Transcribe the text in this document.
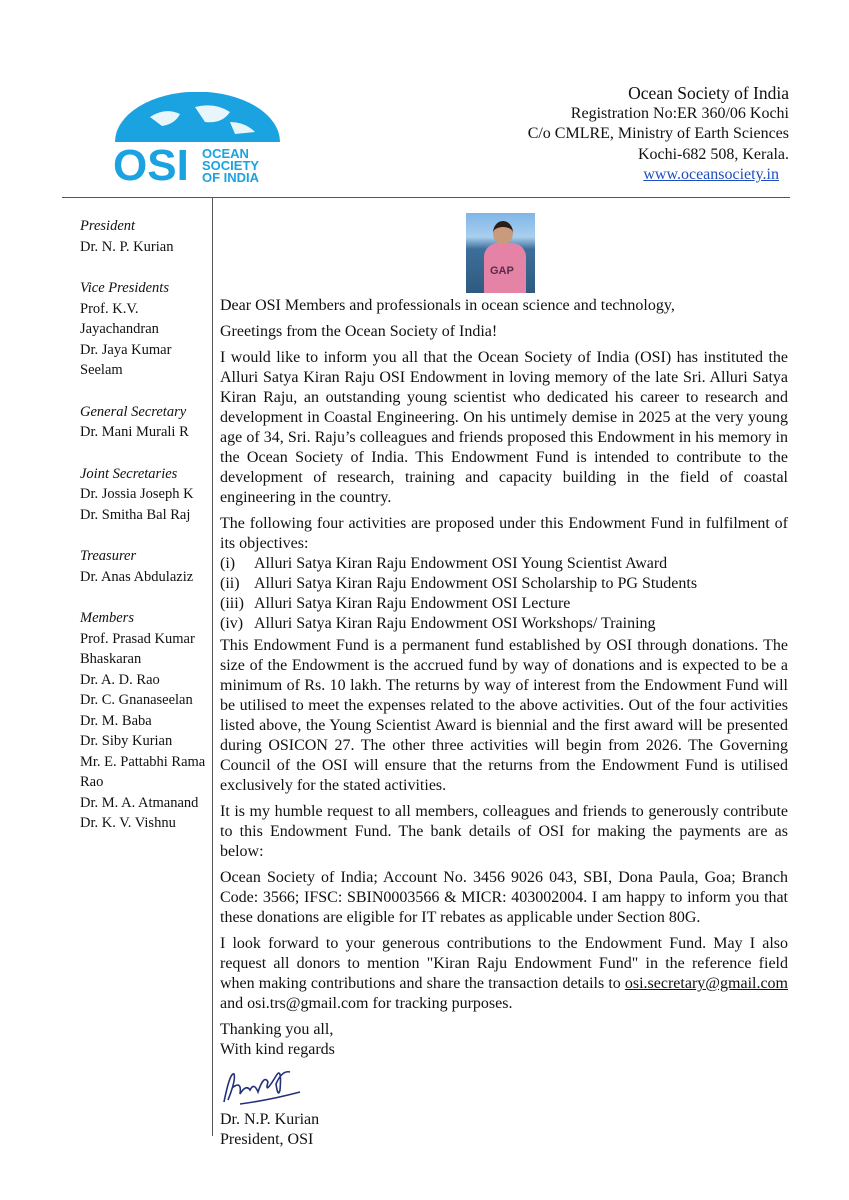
OSI OCEAN
SOCIETY
OF INDIA
Ocean Society of India
Registration No:ER 360/06 Kochi
C/o CMLRE, Ministry of Earth Sciences
Kochi-682 508, Kerala.
www.oceansociety.in
President
Dr. N. P. Kurian
Vice Presidents
Prof. K.V. Jayachandran
Dr. Jaya Kumar Seelam
General Secretary
Dr. Mani Murali R
Joint Secretaries
Dr. Jossia Joseph K
Dr. Smitha Bal Raj
Treasurer
Dr. Anas Abdulaziz
Members
Prof. Prasad Kumar Bhaskaran
Dr. A. D. Rao
Dr. C. Gnanaseelan
Dr. M. Baba
Dr. Siby Kurian
Mr. E. Pattabhi Rama Rao
Dr. M. A. Atmanand
Dr. K. V. Vishnu
GAP

Dear OSI Members and professionals in ocean science and technology,

Greetings from the Ocean Society of India!

I would like to inform you all that the Ocean Society of India (OSI) has instituted the Alluri Satya Kiran Raju OSI Endowment in loving memory of the late Sri. Alluri Satya Kiran Raju, an outstanding young scientist who dedicated his career to research and development in Coastal Engineering. On his untimely demise in 2025 at the very young age of 34, Sri. Raju’s colleagues and friends proposed this Endowment in his memory in the Ocean Society of India. This Endowment Fund is intended to contribute to the development of research, training and capacity building in the field of coastal engineering in the country.

The following four activities are proposed under this Endowment Fund in fulfilment of its objectives:

(i)	Alluri Satya Kiran Raju Endowment OSI Young Scientist Award
(ii) Alluri Satya Kiran Raju Endowment OSI Scholarship to PG Students
(iii) Alluri Satya Kiran Raju Endowment OSI Lecture
(iv) Alluri Satya Kiran Raju Endowment OSI Workshops/ Training

This Endowment Fund is a permanent fund established by OSI through donations. The size of the Endowment is the accrued fund by way of donations and is expected to be a minimum of Rs. 10 lakh. The returns by way of interest from the Endowment Fund will be utilised to meet the expenses related to the above activities. Out of the four activities listed above, the Young Scientist Award is biennial and the first award will be presented during OSICON 27. The other three activities will begin from 2026. The Governing Council of the OSI will ensure that the returns from the Endowment Fund is utilised exclusively for the stated activities.

It is my humble request to all members, colleagues and friends to generously contribute to this Endowment Fund. The bank details of OSI for making the payments are as below:

Ocean Society of India; Account No. 3456 9026 043, SBI, Dona Paula, Goa; Branch Code: 3566; IFSC: SBIN0003566 & MICR: 403002004. I am happy to inform you that these donations are eligible for IT rebates as applicable under Section 80G.

I look forward to your generous contributions to the Endowment Fund. May I also request all donors to mention "Kiran Raju Endowment Fund" in the reference field when making contributions and share the transaction details to osi.secretary@gmail.com and osi.trs@gmail.com for tracking purposes.

Thanking you all,
With kind regards
Dr. N.P. Kurian
President, OSI
